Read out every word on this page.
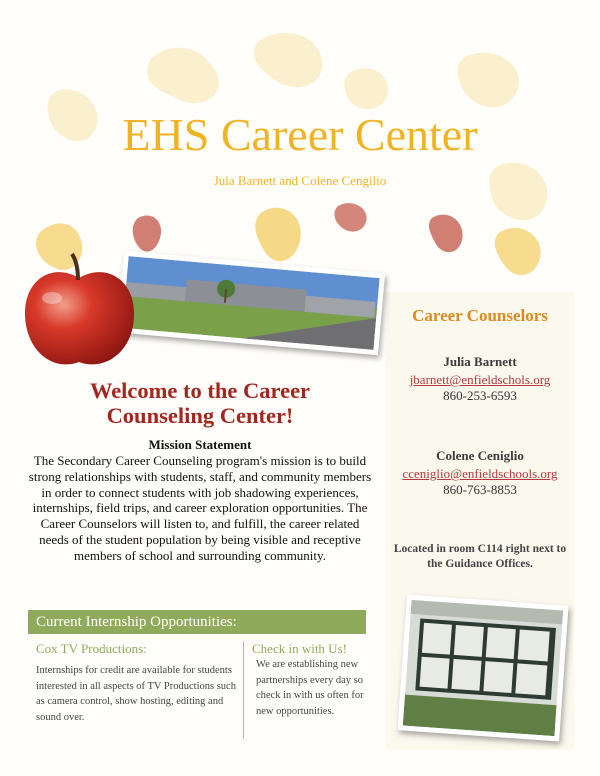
EHS Career Center
Jula Barnett and Colene Cengilio
Career Counselors
Julia Barnett
jbarnett@enfieldschols.org
860-253-6593
Colene Ceniglio
cceniglio@enfieldschools.org
860-763-8853
Located in room C114 right next to the Guidance Offices.
Welcome to the Career
Counseling Center!
Mission Statement
The Secondary Career Counseling program's mission is to build strong relationships with students, staff, and community members in order to connect students with job shadowing experiences, internships, field trips, and career exploration opportunities. The Career Counselors will listen to, and fulfill, the career related needs of the student population by being visible and receptive members of school and surrounding community.
Current Internship Opportunities:
Cox TV Productions:
Internships for credit are available for students interested in all aspects of TV Productions such as camera control, show hosting, editing and sound over.
Check in with Us!
We are establishing new partnerships every day so check in with us often for new opportunities.
